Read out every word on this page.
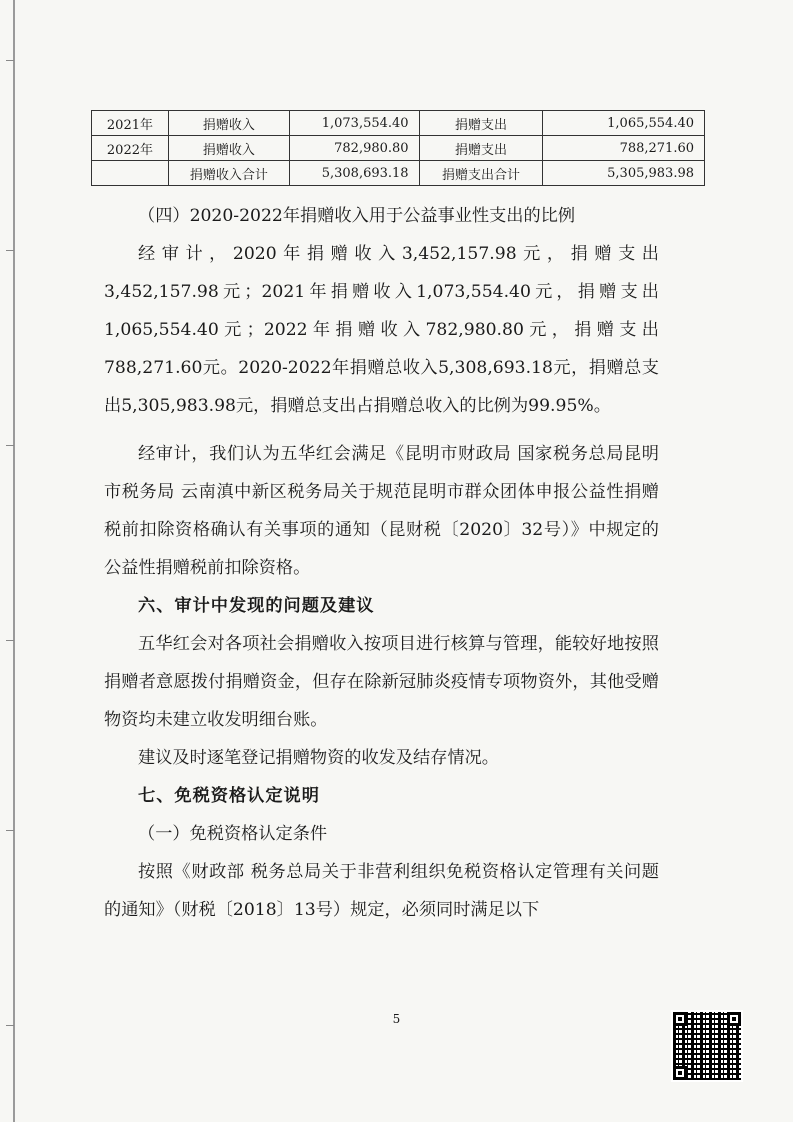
2021年	捐赠收入	1,073,554.40	捐赠支出	1,065,554.40
2022年	捐赠收入	782,980.80	捐赠支出	788,271.60
	捐赠收入合计	5,308,693.18	捐赠支出合计	5,305,983.98

（四）2020-2022年捐赠收入用于公益事业性支出的比例

经审计，2020年捐赠收入3,452,157.98元，捐赠支出3,452,157.98元；2021年捐赠收入1,073,554.40元，捐赠支出1,065,554.40元；2022年捐赠收入782,980.80元，捐赠支出788,271.60元。2020-2022年捐赠总收入5,308,693.18元，捐赠总支出5,305,983.98元，捐赠总支出占捐赠总收入的比例为99.95%。

经审计，我们认为五华红会满足《昆明市财政局 国家税务总局昆明市税务局 云南滇中新区税务局关于规范昆明市群众团体申报公益性捐赠税前扣除资格确认有关事项的通知（昆财税〔2020〕32号）》中规定的公益性捐赠税前扣除资格。

六、审计中发现的问题及建议

五华红会对各项社会捐赠收入按项目进行核算与管理，能较好地按照捐赠者意愿拨付捐赠资金，但存在除新冠肺炎疫情专项物资外，其他受赠物资均未建立收发明细台账。

建议及时逐笔登记捐赠物资的收发及结存情况。

七、免税资格认定说明

（一）免税资格认定条件

按照《财政部 税务总局关于非营利组织免税资格认定管理有关问题的通知》（财税〔2018〕13号）规定，必须同时满足以下

5
